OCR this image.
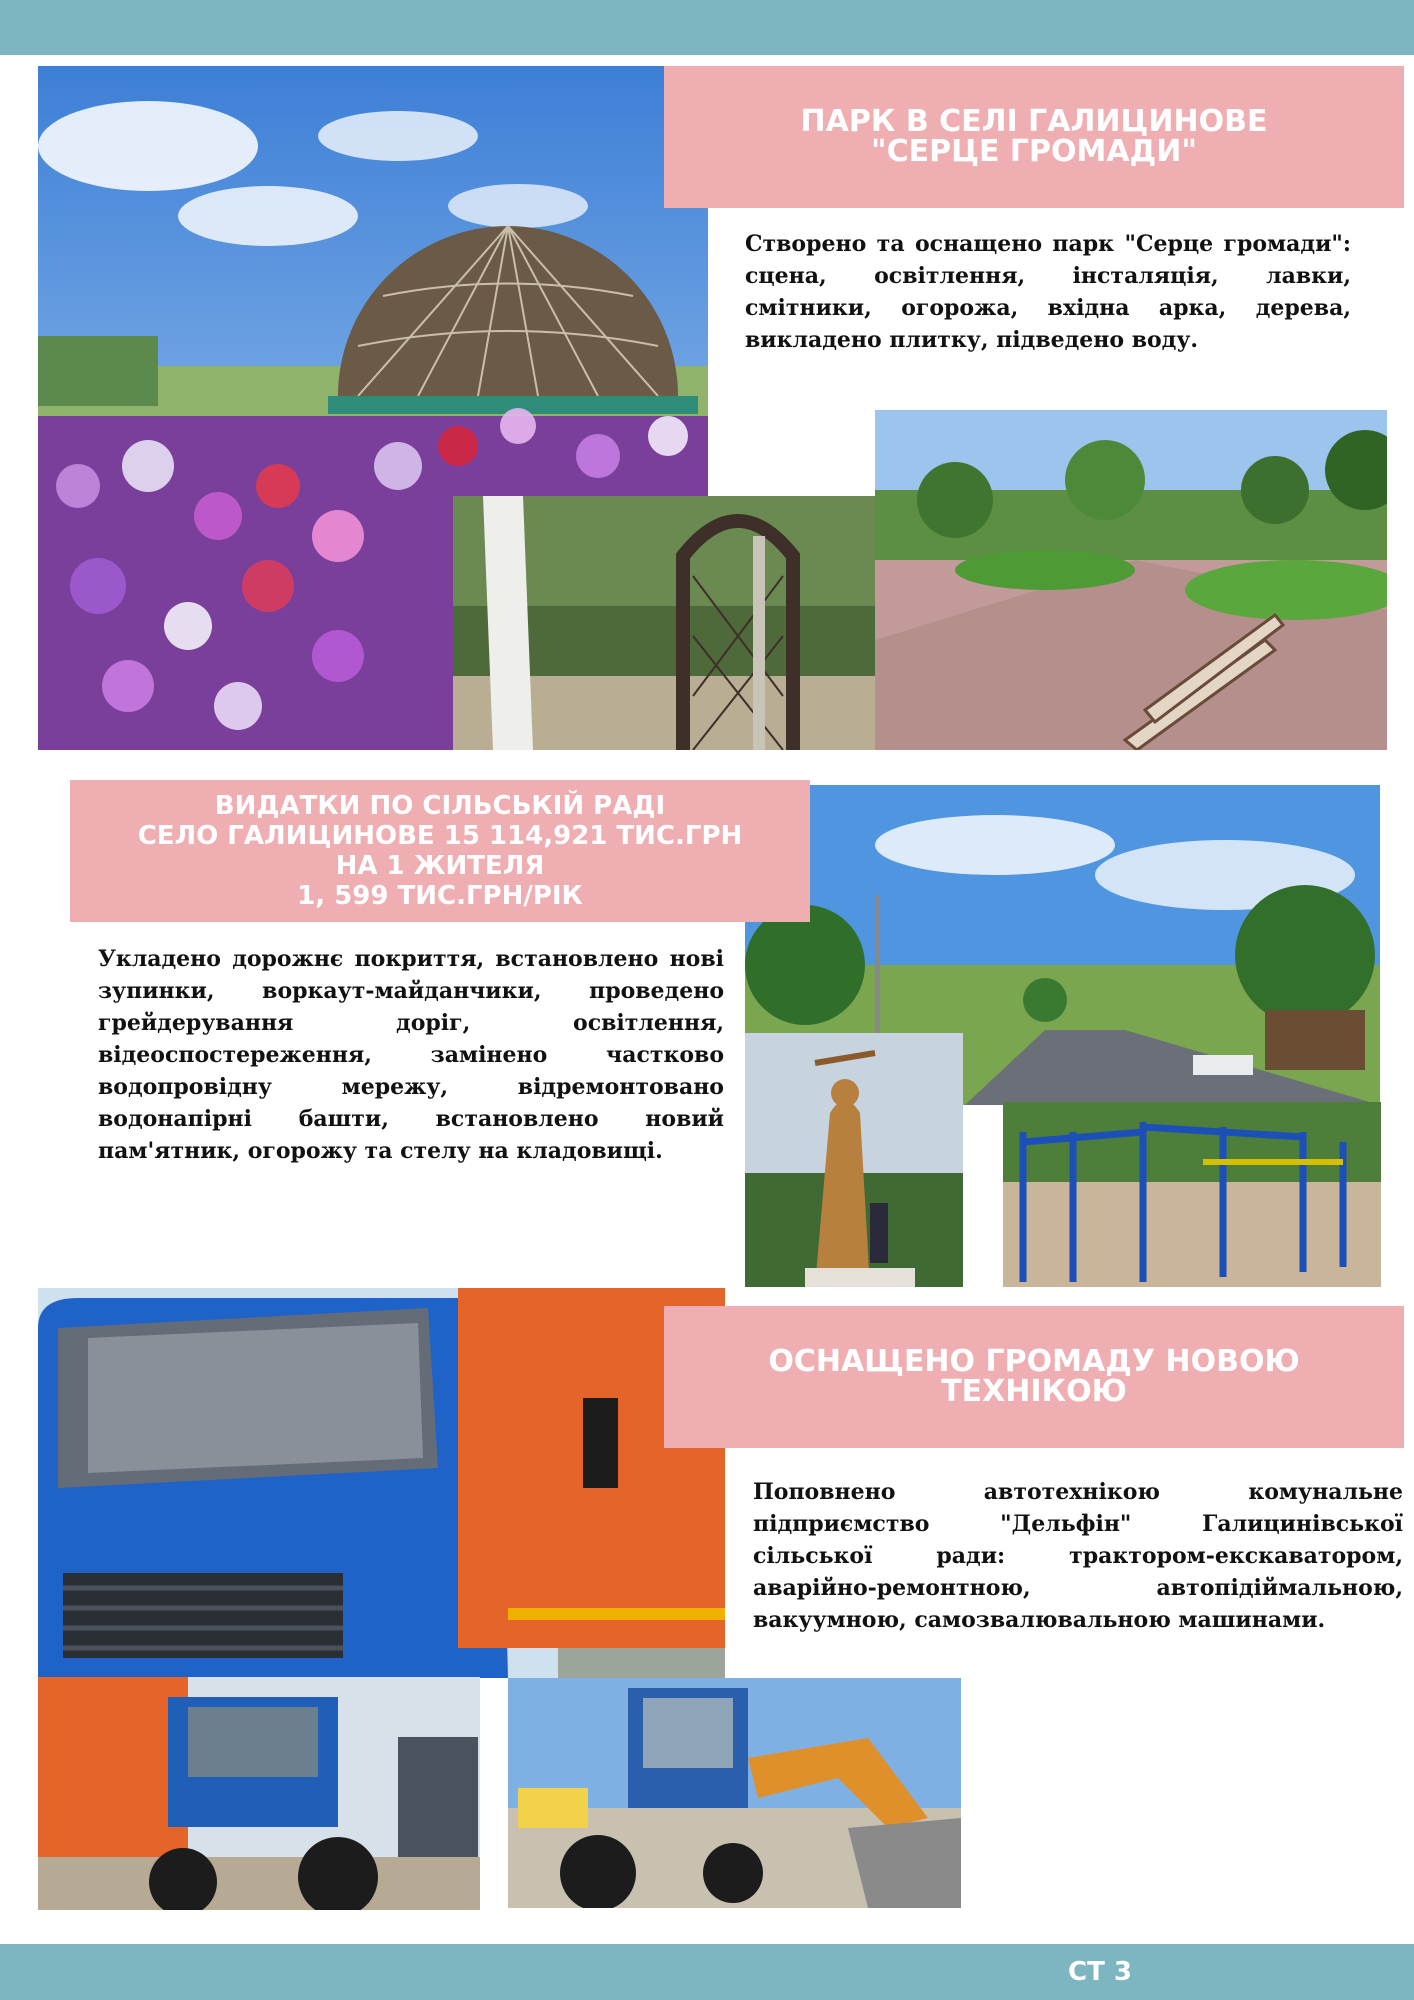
ПАРК В СЕЛІ ГАЛИЦИНОВЕ
"СЕРЦЕ ГРОМАДИ"

Створено та оснащено парк "Серце громади": сцена, освітлення, інсталяція, лавки, смітники, огорожа, вхідна арка, дерева, викладено плитку, підведено воду.

ВИДАТКИ ПО СІЛЬСЬКІЙ РАДІ
СЕЛО ГАЛИЦИНОВЕ 15 114,921 ТИС.ГРН
НА 1 ЖИТЕЛЯ
1, 599 ТИС.ГРН/РІК

Укладено дорожнє покриття, встановлено нові зупинки, воркаут-майданчики, проведено грейдерування доріг, освітлення, відеоспостереження, замінено частково водопровідну мережу, відремонтовано водонапірні башти, встановлено новий пам'ятник, огорожу та стелу на кладовищі.

ОСНАЩЕНО ГРОМАДУ НОВОЮ
ТЕХНІКОЮ

Поповнено автотехнікою комунальне підприємство "Дельфін" Галицинівської сільської ради: трактором-екскаватором, аварійно-ремонтною, автопідіймальною, вакуумною, самозвалювальною машинами.

СТ 3
